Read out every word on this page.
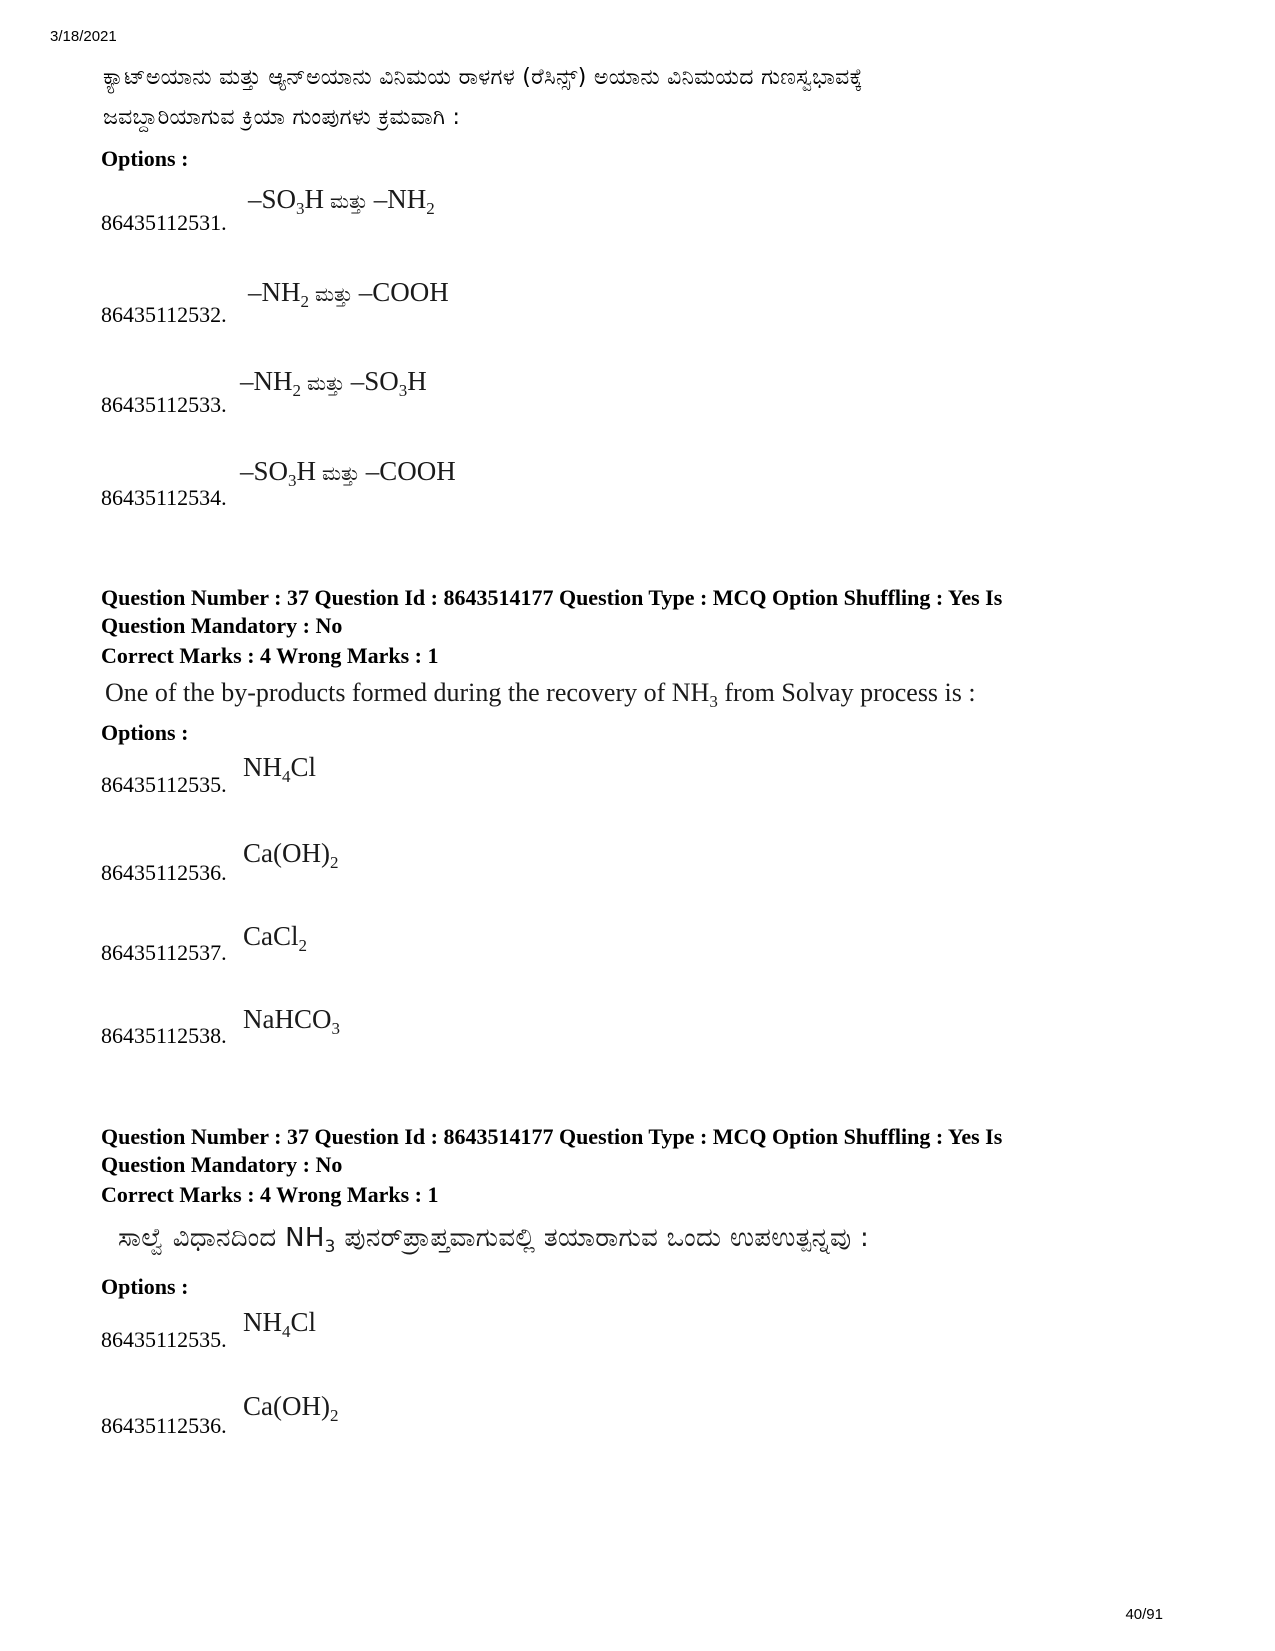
3/18/2021
40/91
ಕ್ಯಾಟ್‌ಅಯಾನು ಮತ್ತು ಆ್ಯನ್‌ಅಯಾನು ವಿನಿಮಯ ರಾಳಗಳ (ರೆಸಿನ್ಸ್) ಅಯಾನು ವಿನಿಮಯದ ಗುಣಸ್ವಭಾವಕ್ಕೆ
ಜವಬ್ದಾರಿಯಾಗುವ ಕ್ರಿಯಾ ಗುಂಪುಗಳು ಕ್ರಮವಾಗಿ :
Options :
86435112531.
$-SO_3H$ ಮತ್ತು $-NH_2$
86435112532.
$-NH_2$ ಮತ್ತು –COOH
86435112533.
$-NH_2$ ಮತ್ತು $-SO_3H$
86435112534.
$-SO_3H$ ಮತ್ತು –COOH
Question Number : 37 Question Id : 8643514177 Question Type : MCQ Option Shuffling : Yes Is
Question Mandatory : No
Correct Marks : 4 Wrong Marks : 1
One of the by-products formed during the recovery of $NH_3$ from Solvay process is :
Options :
86435112535.
$NH_4Cl$
86435112536.
$Ca(OH)_2$
86435112537.
CaCl$_2$
86435112538.
NaHCO$_3$
Question Number : 37 Question Id : 8643514177 Question Type : MCQ Option Shuffling : Yes Is
Question Mandatory : No
Correct Marks : 4 Wrong Marks : 1
ಸಾಲ್ವೆ ವಿಧಾನದಿಂದ $NH_3$ ಪುನರ್‌ಪ್ರಾಪ್ತವಾಗುವಲ್ಲಿ ತಯಾರಾಗುವ ಒಂದು ಉಪಉತ್ಪನ್ನವು :
Options :
86435112535.
$NH_4Cl$
86435112536.
$Ca(OH)_2$
